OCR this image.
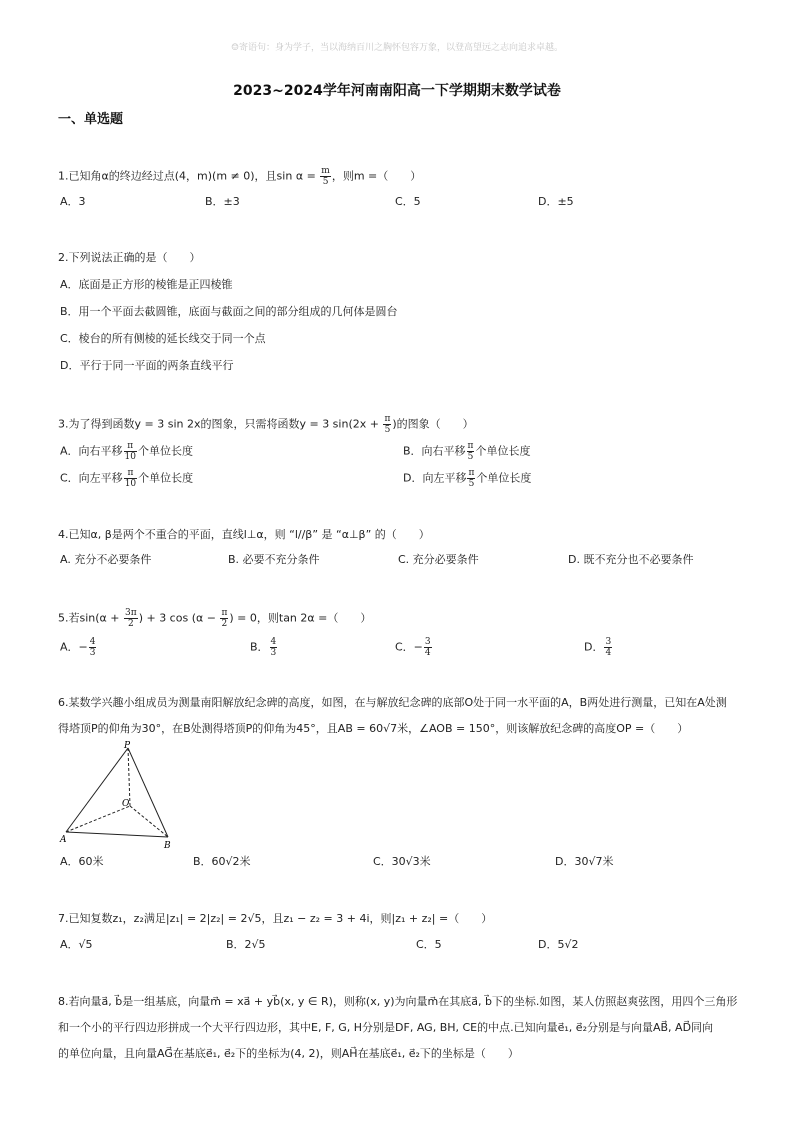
☺寄语句：身为学子，当以海纳百川之胸怀包容万象，以登高望远之志向追求卓越。
2023~2024学年河南南阳高一下学期期末数学试卷
一、单选题
1.已知角α的终边经过点(4，m)(m ≠ 0)，且$\sin \alpha = \frac{m}{5}$ ，则m =（　　）
A．3	B．±3	C．5	D．±5
2.下列说法正确的是（　　）
A．底面是正方形的棱锥是正四棱锥
B．用一个平面去截圆锥，底面与截面之间的部分组成的几何体是圆台
C．棱台的所有侧棱的延长线交于同一个点
D．平行于同一平面的两条直线平行
3.为了得到函数y = 3 sin 2x的图象，只需将函数y = 3 $\sin(2x + \frac{\pi}{5}$ )的图象（　　）
A．向右平移 $\frac{\pi}{10}$ 个单位长度	B．向右平移 $\frac{\pi}{5}$ 个单位长度
C．向左平移 $\frac{\pi}{10}$ 个单位长度	D．向左平移 $\frac{\pi}{5}$ 个单位长度
4.已知α, β是两个不重合的平面，直线l⊥α，则 “l//β” 是 “α⊥β” 的（　　）
A. 充分不必要条件	B. 必要不充分条件	C. 充分必要条件	D. 既不充分也不必要条件
5.若$\sin(\alpha + \frac{3\pi}{2}$ ) + 3 $\cos (\alpha - \frac{\pi}{2}$ ) = 0，则tan 2α =（　　）
A．− $\frac{4}{3}$	B． $\frac{4}{3}$	C．− $\frac{3}{4}$	D． $\frac{3}{4}$
6.某数学兴趣小组成员为测量南阳解放纪念碑的高度，如图，在与解放纪念碑的底部O处于同一水平面的A，B两处进行测量，已知在A处测
得塔顶P的仰角为30°，在B处测得塔顶P的仰角为45°，且AB = 60√7米，∠AOB = 150°，则该解放纪念碑的高度OP =（　　）
P
O
A
B
A．60米	B．60√2米	C．30√3米	D．30√7米
7.已知复数z₁，z₂满足|z₁| = 2|z₂| = 2√5，且z₁ − z₂ = 3 + 4i，则|z₁ + z₂| =（　　）
A．√5	B．2√5	C．5	D．5√2
8.若向量a⃗, b⃗是一组基底，向量m⃗ = xa⃗ + yb⃗(x, y ∈ R)，则称(x, y)为向量m⃗在其底a⃗, b⃗下的坐标.如图，某人仿照赵爽弦图，用四个三角形
和一个小的平行四边形拼成一个大平行四边形，其中E, F, G, H分别是DF, AG, BH, CE的中点.已知向量e⃗₁, e⃗₂分别是与向量AB⃗, AD⃗同向
的单位向量，且向量AG⃗在基底e⃗₁, e⃗₂下的坐标为(4, 2)，则AH⃗在基底e⃗₁, e⃗₂下的坐标是（　　）
